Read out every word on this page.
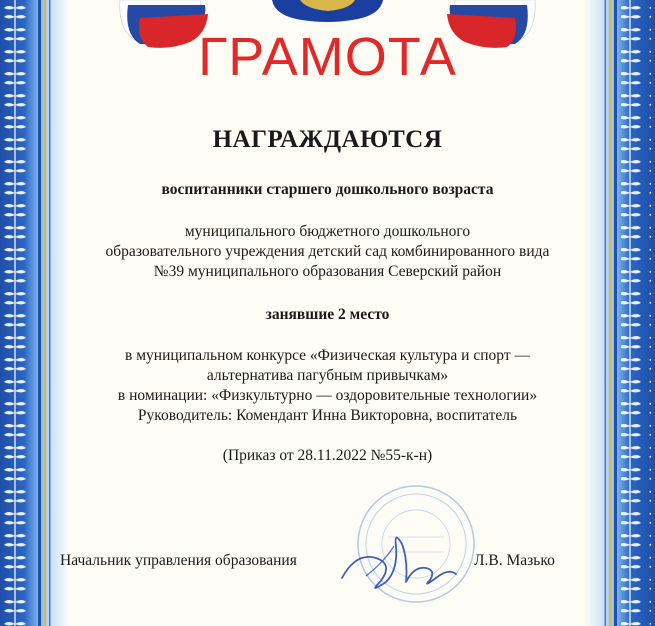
ГРАМОТА
НАГРАЖДАЮТСЯ
воспитанники старшего дошкольного возраста
муниципального бюджетного дошкольного
образовательного учреждения детский сад комбинированного вида
№39 муниципального образования Северский район
занявшие 2 место
в муниципальном конкурсе «Физическая культура и спорт —
альтернатива пагубным привычкам»
в номинации: «Физкультурно — оздоровительные технологии»
Руководитель: Комендант Инна Викторовна, воспитатель
(Приказ от 28.11.2022 №55-к-н)
Начальник управления образования	Л.В. Мазько
